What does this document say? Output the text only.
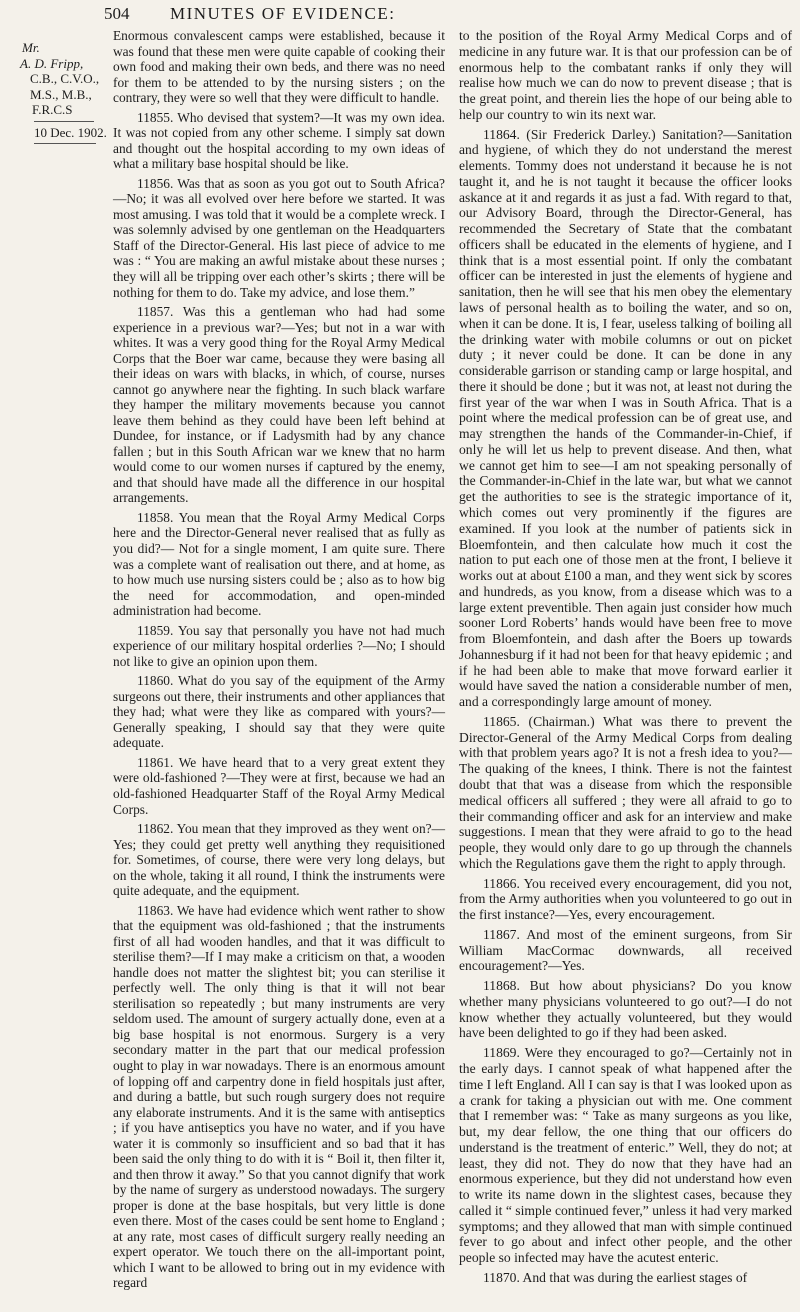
504 MINUTES OF EVIDENCE:
Mr.
A. D. Fripp,
C.B., C.V.O.,
M.S., M.B.,
F.R.C.S
10 Dec. 1902.

Enormous convalescent camps were established, because it was found that these men were quite capable of cooking their own food and making their own beds, and there was no need for them to be attended to by the nursing sisters ; on the contrary, they were so well that they were difficult to handle.

11855. Who devised that system?—It was my own idea. It was not copied from any other scheme. I simply sat down and thought out the hospital according to my own ideas of what a military base hospital should be like.

11856. Was that as soon as you got out to South Africa?—No; it was all evolved over here before we started. It was most amusing. I was told that it would be a complete wreck. I was solemnly advised by one gentleman on the Headquarters Staff of the Director-General. His last piece of advice to me was : “ You are making an awful mistake about these nurses ; they will all be tripping over each other’s skirts ; there will be nothing for them to do. Take my advice, and lose them.”

11857. Was this a gentleman who had had some experience in a previous war?—Yes; but not in a war with whites. It was a very good thing for the Royal Army Medical Corps that the Boer war came, because they were basing all their ideas on wars with blacks, in which, of course, nurses cannot go anywhere near the fighting. In such black warfare they hamper the military movements because you cannot leave them behind as they could have been left behind at Dundee, for instance, or if Ladysmith had by any chance fallen ; but in this South African war we knew that no harm would come to our women nurses if captured by the enemy, and that should have made all the difference in our hospital arrangements.

11858. You mean that the Royal Army Medical Corps here and the Director-General never realised that as fully as you did?— Not for a single moment, I am quite sure. There was a complete want of realisation out there, and at home, as to how much use nursing sisters could be ; also as to how big the need for accommodation, and open-minded administration had become.

11859. You say that personally you have not had much experience of our military hospital orderlies ?—No; I should not like to give an opinion upon them.

11860. What do you say of the equipment of the Army surgeons out there, their instruments and other appliances that they had; what were they like as compared with yours?—Generally speaking, I should say that they were quite adequate.

11861. We have heard that to a very great extent they were old-fashioned ?—They were at first, because we had an old-fashioned Headquarter Staff of the Royal Army Medical Corps.

11862. You mean that they improved as they went on?—Yes; they could get pretty well anything they requisitioned for. Sometimes, of course, there were very long delays, but on the whole, taking it all round, I think the instruments were quite adequate, and the equipment.

11863. We have had evidence which went rather to show that the equipment was old-fashioned ; that the instruments first of all had wooden handles, and that it was difficult to sterilise them?—If I may make a criticism on that, a wooden handle does not matter the slightest bit; you can sterilise it perfectly well. The only thing is that it will not bear sterilisation so repeatedly ; but many instruments are very seldom used. The amount of surgery actually done, even at a big base hospital is not enormous. Surgery is a very secondary matter in the part that our medical profession ought to play in war nowadays. There is an enormous amount of lopping off and carpentry done in field hospitals just after, and during a battle, but such rough surgery does not require any elaborate instruments. And it is the same with antiseptics ; if you have antiseptics you have no water, and if you have water it is commonly so insufficient and so bad that it has been said the only thing to do with it is “ Boil it, then filter it, and then throw it away.” So that you cannot dignify that work by the name of surgery as understood nowadays. The surgery proper is done at the base hospitals, but very little is done even there. Most of the cases could be sent home to England ; at any rate, most cases of difficult surgery really needing an expert operator. We touch there on the all-important point, which I want to be allowed to bring out in my evidence with regard

to the position of the Royal Army Medical Corps and of medicine in any future war. It is that our profession can be of enormous help to the combatant ranks if only they will realise how much we can do now to prevent disease ; that is the great point, and therein lies the hope of our being able to help our country to win its next war.

11864. (Sir Frederick Darley.) Sanitation?—Sanitation and hygiene, of which they do not understand the merest elements. Tommy does not understand it because he is not taught it, and he is not taught it because the officer looks askance at it and regards it as just a fad. With regard to that, our Advisory Board, through the Director-General, has recommended the Secretary of State that the combatant officers shall be educated in the elements of hygiene, and I think that is a most essential point. If only the combatant officer can be interested in just the elements of hygiene and sanitation, then he will see that his men obey the elementary laws of personal health as to boiling the water, and so on, when it can be done. It is, I fear, useless talking of boiling all the drinking water with mobile columns or out on picket duty ; it never could be done. It can be done in any considerable garrison or standing camp or large hospital, and there it should be done ; but it was not, at least not during the first year of the war when I was in South Africa. That is a point where the medical profession can be of great use, and may strengthen the hands of the Commander-in-Chief, if only he will let us help to prevent disease. And then, what we cannot get him to see—I am not speaking personally of the Commander-in-Chief in the late war, but what we cannot get the authorities to see is the strategic importance of it, which comes out very prominently if the figures are examined. If you look at the number of patients sick in Bloemfontein, and then calculate how much it cost the nation to put each one of those men at the front, I believe it works out at about £100 a man, and they went sick by scores and hundreds, as you know, from a disease which was to a large extent preventible. Then again just consider how much sooner Lord Roberts’ hands would have been free to move from Bloemfontein, and dash after the Boers up towards Johannesburg if it had not been for that heavy epidemic ; and if he had been able to make that move forward earlier it would have saved the nation a considerable number of men, and a correspondingly large amount of money.

11865. (Chairman.) What was there to prevent the Director-General of the Army Medical Corps from dealing with that problem years ago? It is not a fresh idea to you?—The quaking of the knees, I think. There is not the faintest doubt that that was a disease from which the responsible medical officers all suffered ; they were all afraid to go to their commanding officer and ask for an interview and make suggestions. I mean that they were afraid to go to the head people, they would only dare to go up through the channels which the Regulations gave them the right to apply through.

11866. You received every encouragement, did you not, from the Army authorities when you volunteered to go out in the first instance?—Yes, every encouragement.

11867. And most of the eminent surgeons, from Sir William MacCormac downwards, all received encouragement?—Yes.

11868. But how about physicians? Do you know whether many physicians volunteered to go out?—I do not know whether they actually volunteered, but they would have been delighted to go if they had been asked.

11869. Were they encouraged to go?—Certainly not in the early days. I cannot speak of what happened after the time I left England. All I can say is that I was looked upon as a crank for taking a physician out with me. One comment that I remember was: “ Take as many surgeons as you like, but, my dear fellow, the one thing that our officers do understand is the treatment of enteric.” Well, they do not; at least, they did not. They do now that they have had an enormous experience, but they did not understand how even to write its name down in the slightest cases, because they called it “ simple continued fever,” unless it had very marked symptoms; and they allowed that man with simple continued fever to go about and infect other people, and the other people so infected may have the acutest enteric.

11870. And that was during the earliest stages of
